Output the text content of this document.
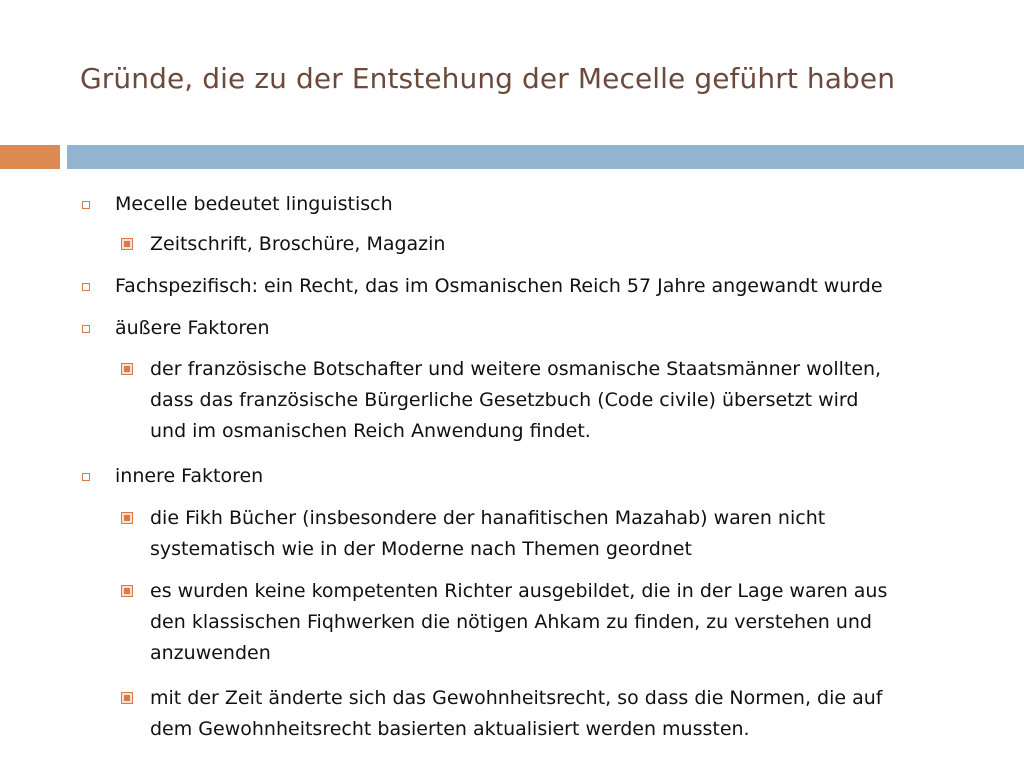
Gründe, die zu der Entstehung der Mecelle geführt haben
Mecelle bedeutet linguistisch
Zeitschrift, Broschüre, Magazin
Fachspezifisch: ein Recht, das im Osmanischen Reich 57 Jahre angewandt wurde
äußere Faktoren
der französische Botschafter und weitere osmanische Staatsmänner wollten,
dass das französische Bürgerliche Gesetzbuch (Code civile) übersetzt wird
und im osmanischen Reich Anwendung findet.
innere Faktoren
die Fikh Bücher (insbesondere der hanafitischen Mazahab) waren nicht
systematisch wie in der Moderne nach Themen geordnet
es wurden keine kompetenten Richter ausgebildet, die in der Lage waren aus
den klassischen Fiqhwerken die nötigen Ahkam zu finden, zu verstehen und
anzuwenden
mit der Zeit änderte sich das Gewohnheitsrecht, so dass die Normen, die auf
dem Gewohnheitsrecht basierten aktualisiert werden mussten.
